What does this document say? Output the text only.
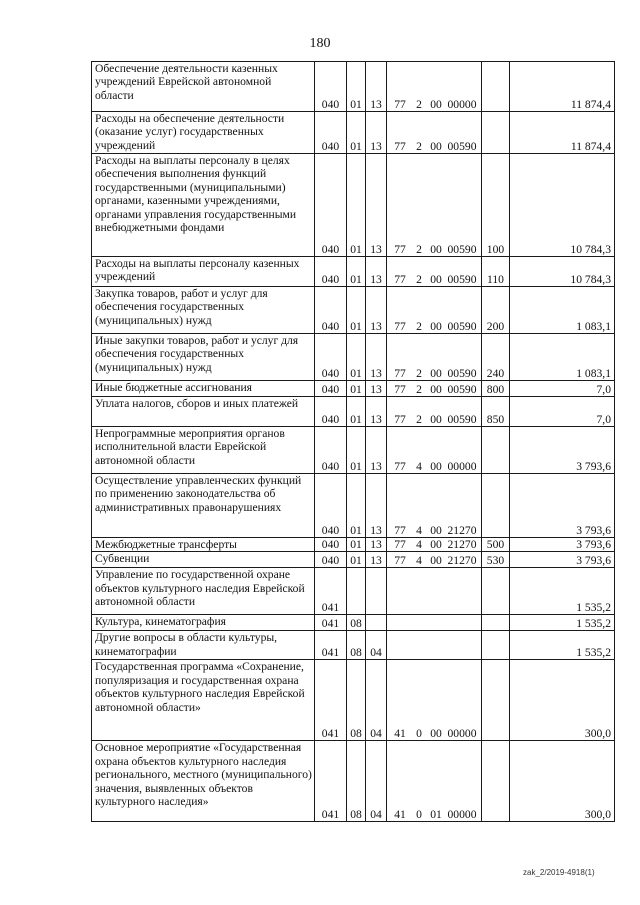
180
Обеспечение деятельности казенных учреждений Еврейской автономной области	040	01	13	77 2 00 00000		11 874,4
Расходы на обеспечение деятельности (оказание услуг) государственных учреждений	040	01	13	77 2 00 00590		11 874,4
Расходы на выплаты персоналу в целях обеспечения выполнения функций государственными (муниципальными) органами, казенными учреждениями, органами управления государственными внебюджетными фондами	040	01	13	77 2 00 00590	100	10 784,3
Расходы на выплаты персоналу казенных учреждений	040	01	13	77 2 00 00590	110	10 784,3
Закупка товаров, работ и услуг для обеспечения государственных (муниципальных) нужд	040	01	13	77 2 00 00590	200	1 083,1
Иные закупки товаров, работ и услуг для обеспечения государственных (муниципальных) нужд	040	01	13	77 2 00 00590	240	1 083,1
Иные бюджетные ассигнования	040	01	13	77 2 00 00590	800	7,0
Уплата налогов, сборов и иных платежей	040	01	13	77 2 00 00590	850	7,0
Непрограммные мероприятия органов исполнительной власти Еврейской автономной области	040	01	13	77 4 00 00000		3 793,6
Осуществление управленческих функций по применению законодательства об административных правонарушениях	040	01	13	77 4 00 21270		3 793,6
Межбюджетные трансферты	040	01	13	77 4 00 21270	500	3 793,6
Субвенции	040	01	13	77 4 00 21270	530	3 793,6
Управление по государственной охране объектов культурного наследия Еврейской автономной области	041					1 535,2
Культура, кинематография	041	08				1 535,2
Другие вопросы в области культуры, кинематографии	041	08	04			1 535,2
Государственная программа «Сохранение, популяризация и государственная охрана объектов культурного наследия Еврейской автономной области»	041	08	04	41 0 00 00000		300,0
Основное мероприятие «Государственная охрана объектов культурного наследия регионального, местного (муниципального) значения, выявленных объектов культурного наследия»	041	08	04	41 0 01 00000		300,0
zak_2/2019-4918(1)
